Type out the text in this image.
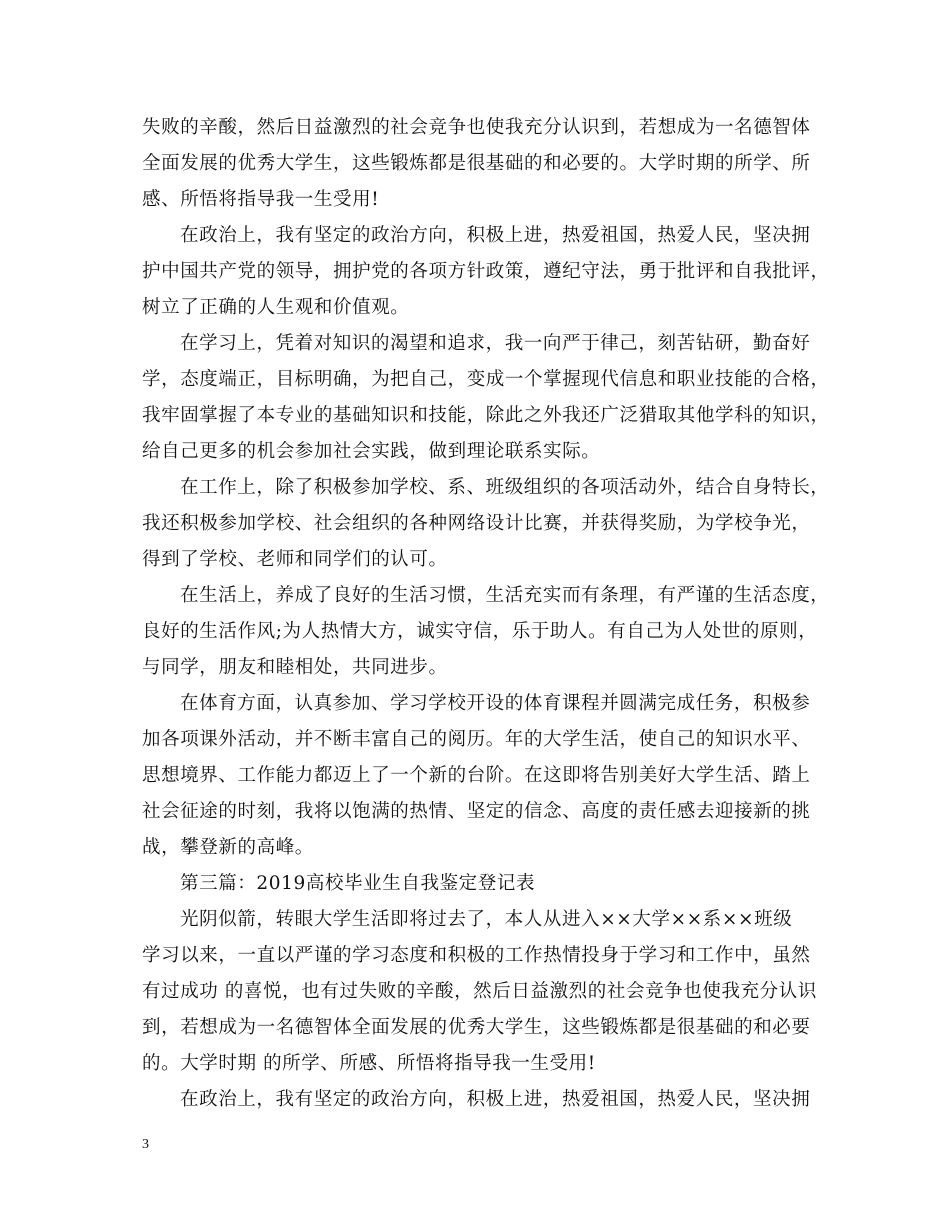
失败的辛酸，然后日益激烈的社会竞争也使我充分认识到，若想成为一名德智体
全面发展的优秀大学生，这些锻炼都是很基础的和必要的。大学时期的所学、所
感、所悟将指导我一生受用!
在政治上，我有坚定的政治方向，积极上进，热爱祖国，热爱人民，坚决拥
护中国共产党的领导，拥护党的各项方针政策，遵纪守法，勇于批评和自我批评，
树立了正确的人生观和价值观。
在学习上，凭着对知识的渴望和追求，我一向严于律己，刻苦钻研，勤奋好
学，态度端正，目标明确，为把自己，变成一个掌握现代信息和职业技能的合格，
我牢固掌握了本专业的基础知识和技能，除此之外我还广泛猎取其他学科的知识，
给自己更多的机会参加社会实践，做到理论联系实际。
在工作上，除了积极参加学校、系、班级组织的各项活动外，结合自身特长，
我还积极参加学校、社会组织的各种网络设计比赛，并获得奖励，为学校争光，
得到了学校、老师和同学们的认可。
在生活上，养成了良好的生活习惯，生活充实而有条理，有严谨的生活态度，
良好的生活作风;为人热情大方，诚实守信，乐于助人。有自己为人处世的原则，
与同学，朋友和睦相处，共同进步。
在体育方面，认真参加、学习学校开设的体育课程并圆满完成任务，积极参
加各项课外活动，并不断丰富自己的阅历。年的大学生活，使自己的知识水平、
思想境界、工作能力都迈上了一个新的台阶。在这即将告别美好大学生活、踏上
社会征途的时刻，我将以饱满的热情、坚定的信念、高度的责任感去迎接新的挑
战，攀登新的高峰。
第三篇：2019高校毕业生自我鉴定登记表
光阴似箭，转眼大学生活即将过去了，本人从进入××大学××系××班级
学习以来，一直以严谨的学习态度和积极的工作热情投身于学习和工作中，虽然
有过成功 的喜悦，也有过失败的辛酸，然后日益激烈的社会竞争也使我充分认识
到，若想成为一名德智体全面发展的优秀大学生，这些锻炼都是很基础的和必要
的。大学时期 的所学、所感、所悟将指导我一生受用!
在政治上，我有坚定的政治方向，积极上进，热爱祖国，热爱人民，坚决拥
3
